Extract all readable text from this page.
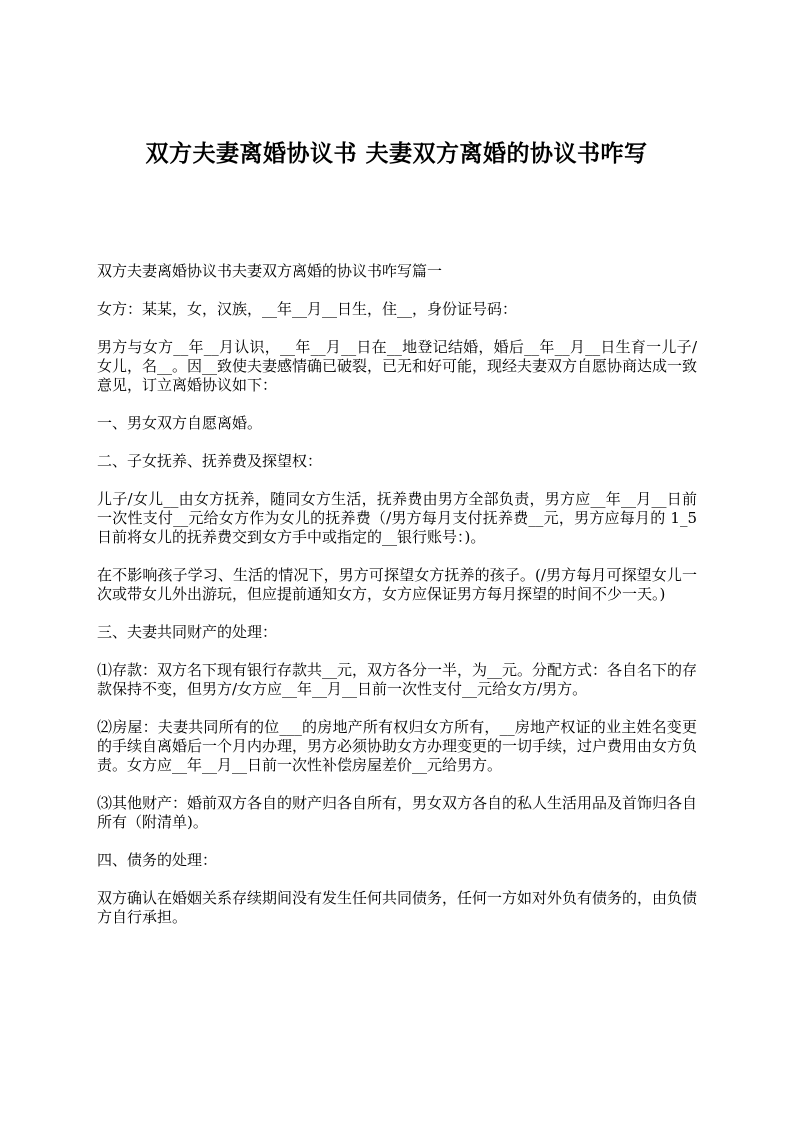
双方夫妻离婚协议书 夫妻双方离婚的协议书咋写

双方夫妻离婚协议书夫妻双方离婚的协议书咋写篇一

女方：某某，女，汉族，__年__月__日生，住__，身份证号码：

男方与女方__年__月认识，__年__月__日在__地登记结婚，婚后__年__月__日生育一儿子/女儿，名__。因__致使夫妻感情确已破裂，已无和好可能，现经夫妻双方自愿协商达成一致意见，订立离婚协议如下：

一、男女双方自愿离婚。

二、子女抚养、抚养费及探望权：

儿子/女儿__由女方抚养，随同女方生活，抚养费由男方全部负责，男方应__年__月__日前一次性支付__元给女方作为女儿的抚养费（/男方每月支付抚养费__元，男方应每月的 1_5 日前将女儿的抚养费交到女方手中或指定的__银行账号：)。

在不影响孩子学习、生活的情况下，男方可探望女方抚养的孩子。(/男方每月可探望女儿一次或带女儿外出游玩，但应提前通知女方，女方应保证男方每月探望的时间不少一天。)

三、夫妻共同财产的处理：

⑴存款：双方名下现有银行存款共__元，双方各分一半，为__元。分配方式：各自名下的存款保持不变，但男方/女方应__年__月__日前一次性支付__元给女方/男方。

⑵房屋：夫妻共同所有的位___的房地产所有权归女方所有，__房地产权证的业主姓名变更的手续自离婚后一个月内办理，男方必须协助女方办理变更的一切手续，过户费用由女方负责。女方应__年__月__日前一次性补偿房屋差价__元给男方。

⑶其他财产：婚前双方各自的财产归各自所有，男女双方各自的私人生活用品及首饰归各自所有（附清单)。

四、债务的处理：

双方确认在婚姻关系存续期间没有发生任何共同债务，任何一方如对外负有债务的，由负债方自行承担。
